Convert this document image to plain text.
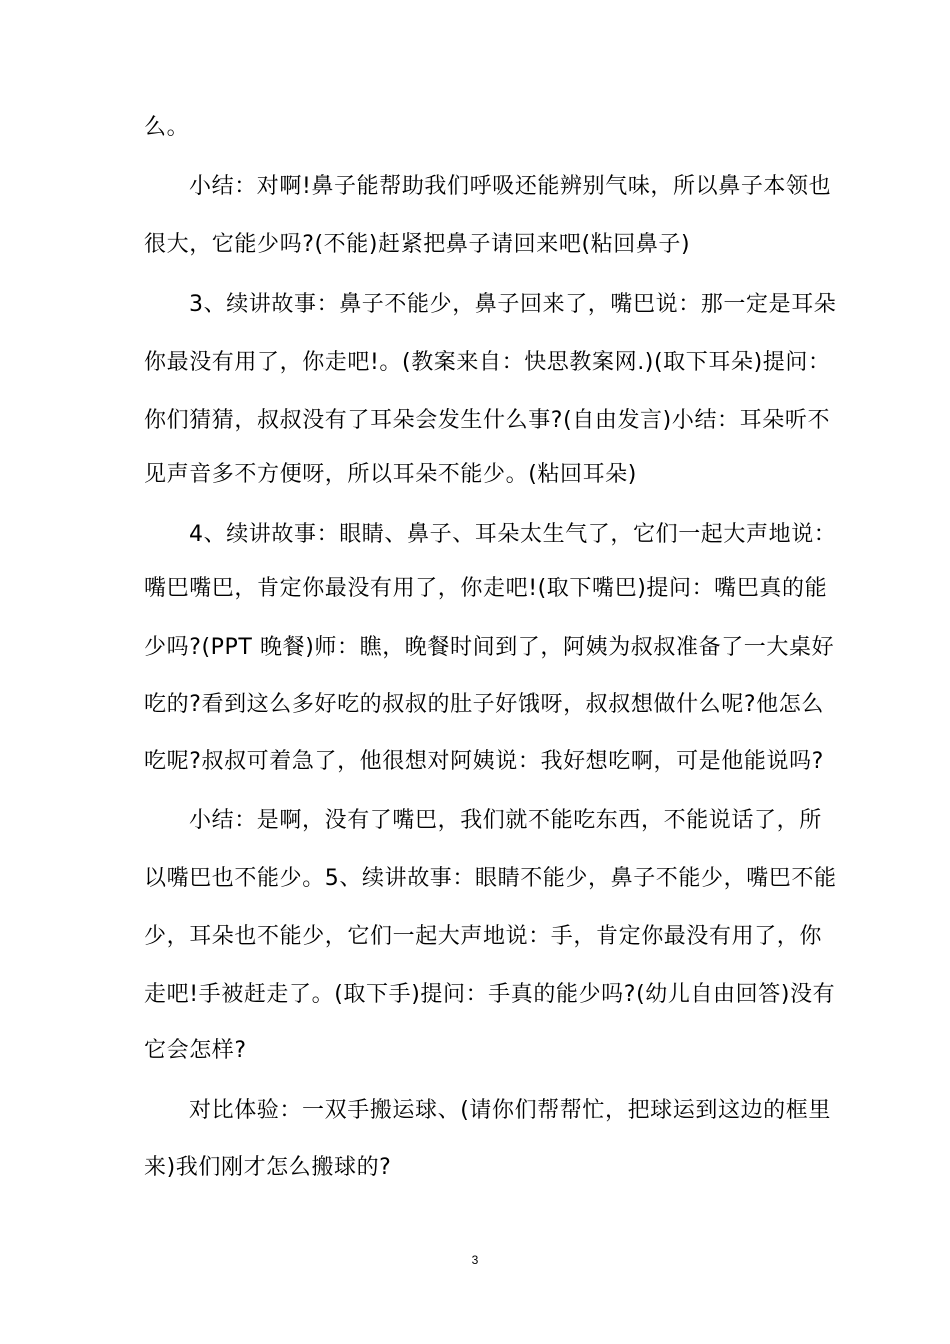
么。
小结：对啊!鼻子能帮助我们呼吸还能辨别气味，所以鼻子本领也
很大，它能少吗?(不能)赶紧把鼻子请回来吧(粘回鼻子)
3、续讲故事：鼻子不能少，鼻子回来了，嘴巴说：那一定是耳朵
你最没有用了，你走吧!。(教案来自：快思教案网.)(取下耳朵)提问：
你们猜猜，叔叔没有了耳朵会发生什么事?(自由发言)小结：耳朵听不
见声音多不方便呀，所以耳朵不能少。(粘回耳朵)
4、续讲故事：眼睛、鼻子、耳朵太生气了，它们一起大声地说：
嘴巴嘴巴，肯定你最没有用了，你走吧!(取下嘴巴)提问：嘴巴真的能
少吗?(PPT 晚餐)师：瞧，晚餐时间到了，阿姨为叔叔准备了一大桌好
吃的?看到这么多好吃的叔叔的肚子好饿呀，叔叔想做什么呢?他怎么
吃呢?叔叔可着急了，他很想对阿姨说：我好想吃啊，可是他能说吗?
小结：是啊，没有了嘴巴，我们就不能吃东西，不能说话了，所
以嘴巴也不能少。5、续讲故事：眼睛不能少，鼻子不能少，嘴巴不能
少，耳朵也不能少，它们一起大声地说：手，肯定你最没有用了，你
走吧!手被赶走了。(取下手)提问：手真的能少吗?(幼儿自由回答)没有
它会怎样?
对比体验：一双手搬运球、(请你们帮帮忙，把球运到这边的框里
来)我们刚才怎么搬球的?
3
